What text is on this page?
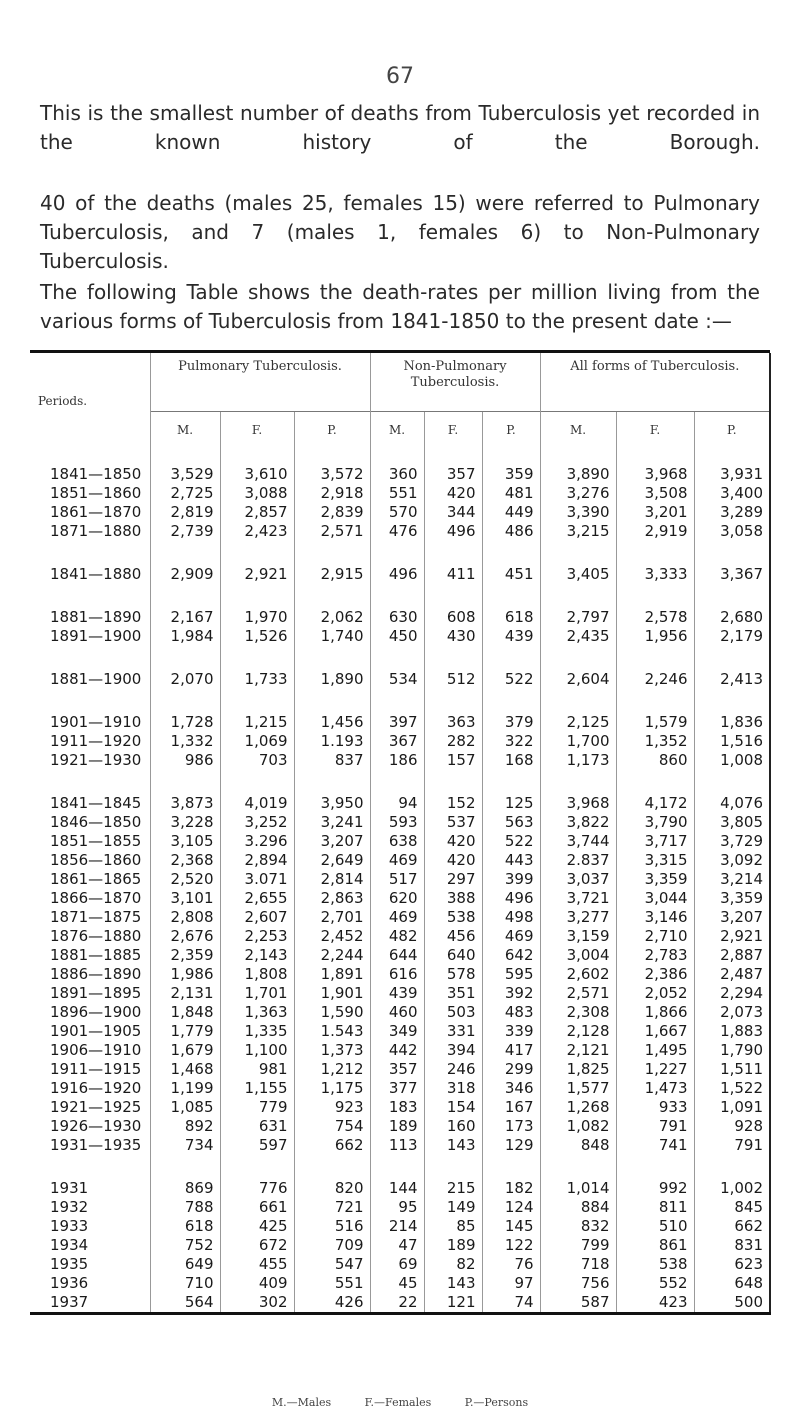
67

This is the smallest number of deaths from Tuberculosis yet recorded in the known history of the Borough.

40 of the deaths (males 25, females 15) were referred to Pulmonary Tuberculosis, and 7 (males 1, females 6) to Non-Pulmonary Tuberculosis.

The following Table shows the death-rates per million living from the various forms of Tuberculosis from 1841-1850 to the present date :—

Periods.	Pulmonary Tuberculosis.			Non-Pulmonary Tuberculosis.			All forms of Tuberculosis.		
	M.	F.	P.	M.	F.	P.	M.	F.	P.

1841—1850	3,529	3,610	3,572	360	357	359	3,890	3,968	3,931
1851—1860	2,725	3,088	2,918	551	420	481	3,276	3,508	3,400
1861—1870	2,819	2,857	2,839	570	344	449	3,390	3,201	3,289
1871—1880	2,739	2,423	2,571	476	496	486	3,215	2,919	3,058

1841—1880	2,909	2,921	2,915	496	411	451	3,405	3,333	3,367

1881—1890	2,167	1,970	2,062	630	608	618	2,797	2,578	2,680
1891—1900	1,984	1,526	1,740	450	430	439	2,435	1,956	2,179

1881—1900	2,070	1,733	1,890	534	512	522	2,604	2,246	2,413

1901—1910	1,728	1,215	1,456	397	363	379	2,125	1,579	1,836
1911—1920	1,332	1,069	1.193	367	282	322	1,700	1,352	1,516
1921—1930	986	703	837	186	157	168	1,173	860	1,008

1841—1845	3,873	4,019	3,950	94	152	125	3,968	4,172	4,076
1846—1850	3,228	3,252	3,241	593	537	563	3,822	3,790	3,805
1851—1855	3,105	3.296	3,207	638	420	522	3,744	3,717	3,729
1856—1860	2,368	2,894	2,649	469	420	443	2.837	3,315	3,092
1861—1865	2,520	3.071	2,814	517	297	399	3,037	3,359	3,214
1866—1870	3,101	2,655	2,863	620	388	496	3,721	3,044	3,359
1871—1875	2,808	2,607	2,701	469	538	498	3,277	3,146	3,207
1876—1880	2,676	2,253	2,452	482	456	469	3,159	2,710	2,921
1881—1885	2,359	2,143	2,244	644	640	642	3,004	2,783	2,887
1886—1890	1,986	1,808	1,891	616	578	595	2,602	2,386	2,487
1891—1895	2,131	1,701	1,901	439	351	392	2,571	2,052	2,294
1896—1900	1,848	1,363	1,590	460	503	483	2,308	1,866	2,073
1901—1905	1,779	1,335	1.543	349	331	339	2,128	1,667	1,883
1906—1910	1,679	1,100	1,373	442	394	417	2,121	1,495	1,790
1911—1915	1,468	981	1,212	357	246	299	1,825	1,227	1,511
1916—1920	1,199	1,155	1,175	377	318	346	1,577	1,473	1,522
1921—1925	1,085	779	923	183	154	167	1,268	933	1,091
1926—1930	892	631	754	189	160	173	1,082	791	928
1931—1935	734	597	662	113	143	129	848	741	791

1931	869	776	820	144	215	182	1,014	992	1,002
1932	788	661	721	95	149	124	884	811	845
1933	618	425	516	214	85	145	832	510	662
1934	752	672	709	47	189	122	799	861	831
1935	649	455	547	69	82	76	718	538	623
1936	710	409	551	45	143	97	756	552	648
1937	564	302	426	22	121	74	587	423	500
M.—Males	F.—Females	P.—Persons
